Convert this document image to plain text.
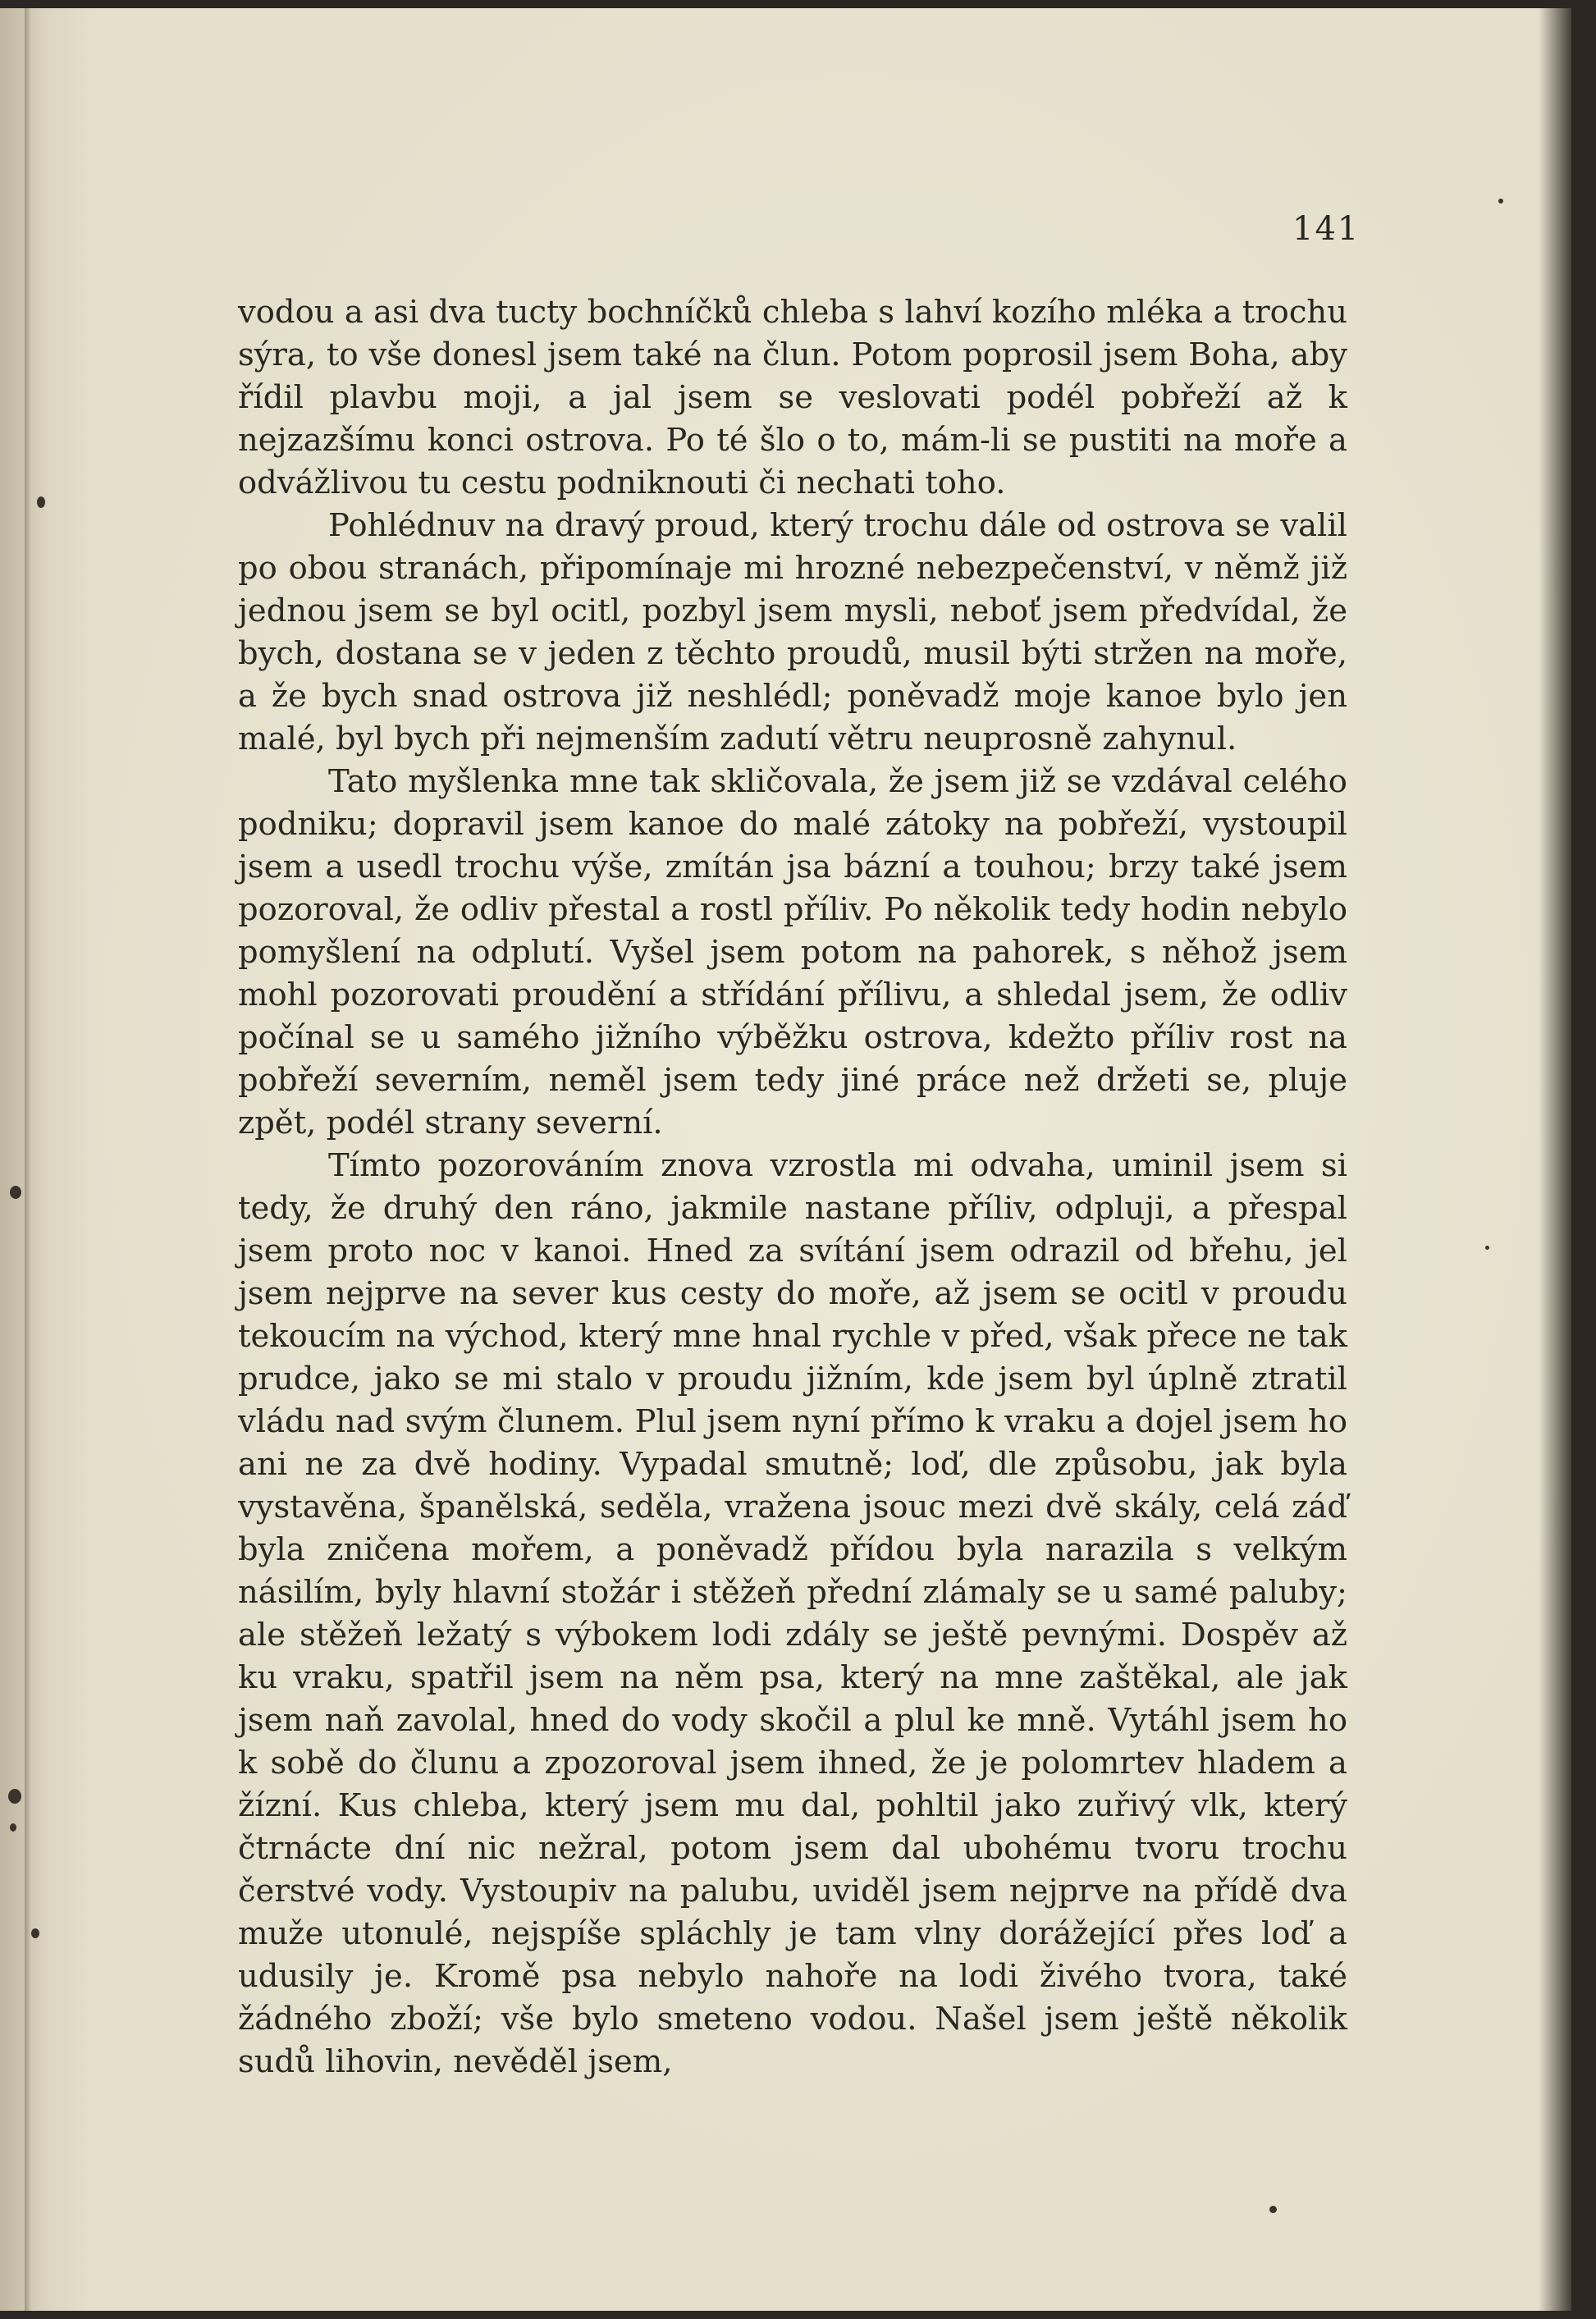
141

vodou a asi dva tucty bochníčků chleba s lahví kozího mléka a trochu sýra, to vše donesl jsem také na člun. Potom poprosil jsem Boha, aby řídil plavbu moji, a jal jsem se veslovati podél pobřeží až k nejzazšímu konci ostrova. Po té šlo o to, mám-li se pustiti na moře a odvážlivou tu cestu podniknouti či nechati toho.

Pohlédnuv na dravý proud, který trochu dále od ostrova se valil po obou stranách, připomínaje mi hrozné nebezpečenství, v němž již jednou jsem se byl ocitl, pozbyl jsem mysli, neboť jsem předvídal, že bych, dostana se v jeden z těchto proudů, musil býti stržen na moře, a že bych snad ostrova již neshlédl; poněvadž moje kanoe bylo jen malé, byl bych při nejmenším zadutí větru neuprosně zahynul.

Tato myšlenka mne tak skličovala, že jsem již se vzdával celého podniku; dopravil jsem kanoe do malé zátoky na pobřeží, vystoupil jsem a usedl trochu výše, zmítán jsa bázní a touhou; brzy také jsem pozoroval, že odliv přestal a rostl příliv. Po několik tedy hodin nebylo pomyšlení na odplutí. Vyšel jsem potom na pahorek, s něhož jsem mohl pozorovati proudění a střídání přílivu, a shledal jsem, že odliv počínal se u samého jižního výběžku ostrova, kdežto příliv rost na pobřeží severním, neměl jsem tedy jiné práce než držeti se, pluje zpět, podél strany severní.

Tímto pozorováním znova vzrostla mi odvaha, uminil jsem si tedy, že druhý den ráno, jakmile nastane příliv, odpluji, a přespal jsem proto noc v kanoi. Hned za svítání jsem odrazil od břehu, jel jsem nejprve na sever kus cesty do moře, až jsem se ocitl v proudu tekoucím na východ, který mne hnal rychle v před, však přece ne tak prudce, jako se mi stalo v proudu jižním, kde jsem byl úplně ztratil vládu nad svým člunem. Plul jsem nyní přímo k vraku a dojel jsem ho ani ne za dvě hodiny. Vypadal smutně; loď, dle způsobu, jak byla vystavěna, španělská, seděla, vražena jsouc mezi dvě skály, celá záď byla zničena mořem, a poněvadž přídou byla narazila s velkým násilím, byly hlavní stožár i stěžeň přední zlámaly se u samé paluby; ale stěžeň ležatý s výbokem lodi zdály se ještě pevnými. Dospěv až ku vraku, spatřil jsem na něm psa, který na mne zaštěkal, ale jak jsem naň zavolal, hned do vody skočil a plul ke mně. Vytáhl jsem ho k sobě do člunu a zpozoroval jsem ihned, že je polomrtev hladem a žízní. Kus chleba, který jsem mu dal, pohltil jako zuřivý vlk, který čtrnácte dní nic nežral, potom jsem dal ubohému tvoru trochu čerstvé vody. Vystoupiv na palubu, uviděl jsem nejprve na přídě dva muže utonulé, nejspíše spláchly je tam vlny dorážející přes loď a udusily je. Kromě psa nebylo nahoře na lodi živého tvora, také žádného zboží; vše bylo smeteno vodou. Našel jsem ještě několik sudů lihovin, nevěděl jsem,
